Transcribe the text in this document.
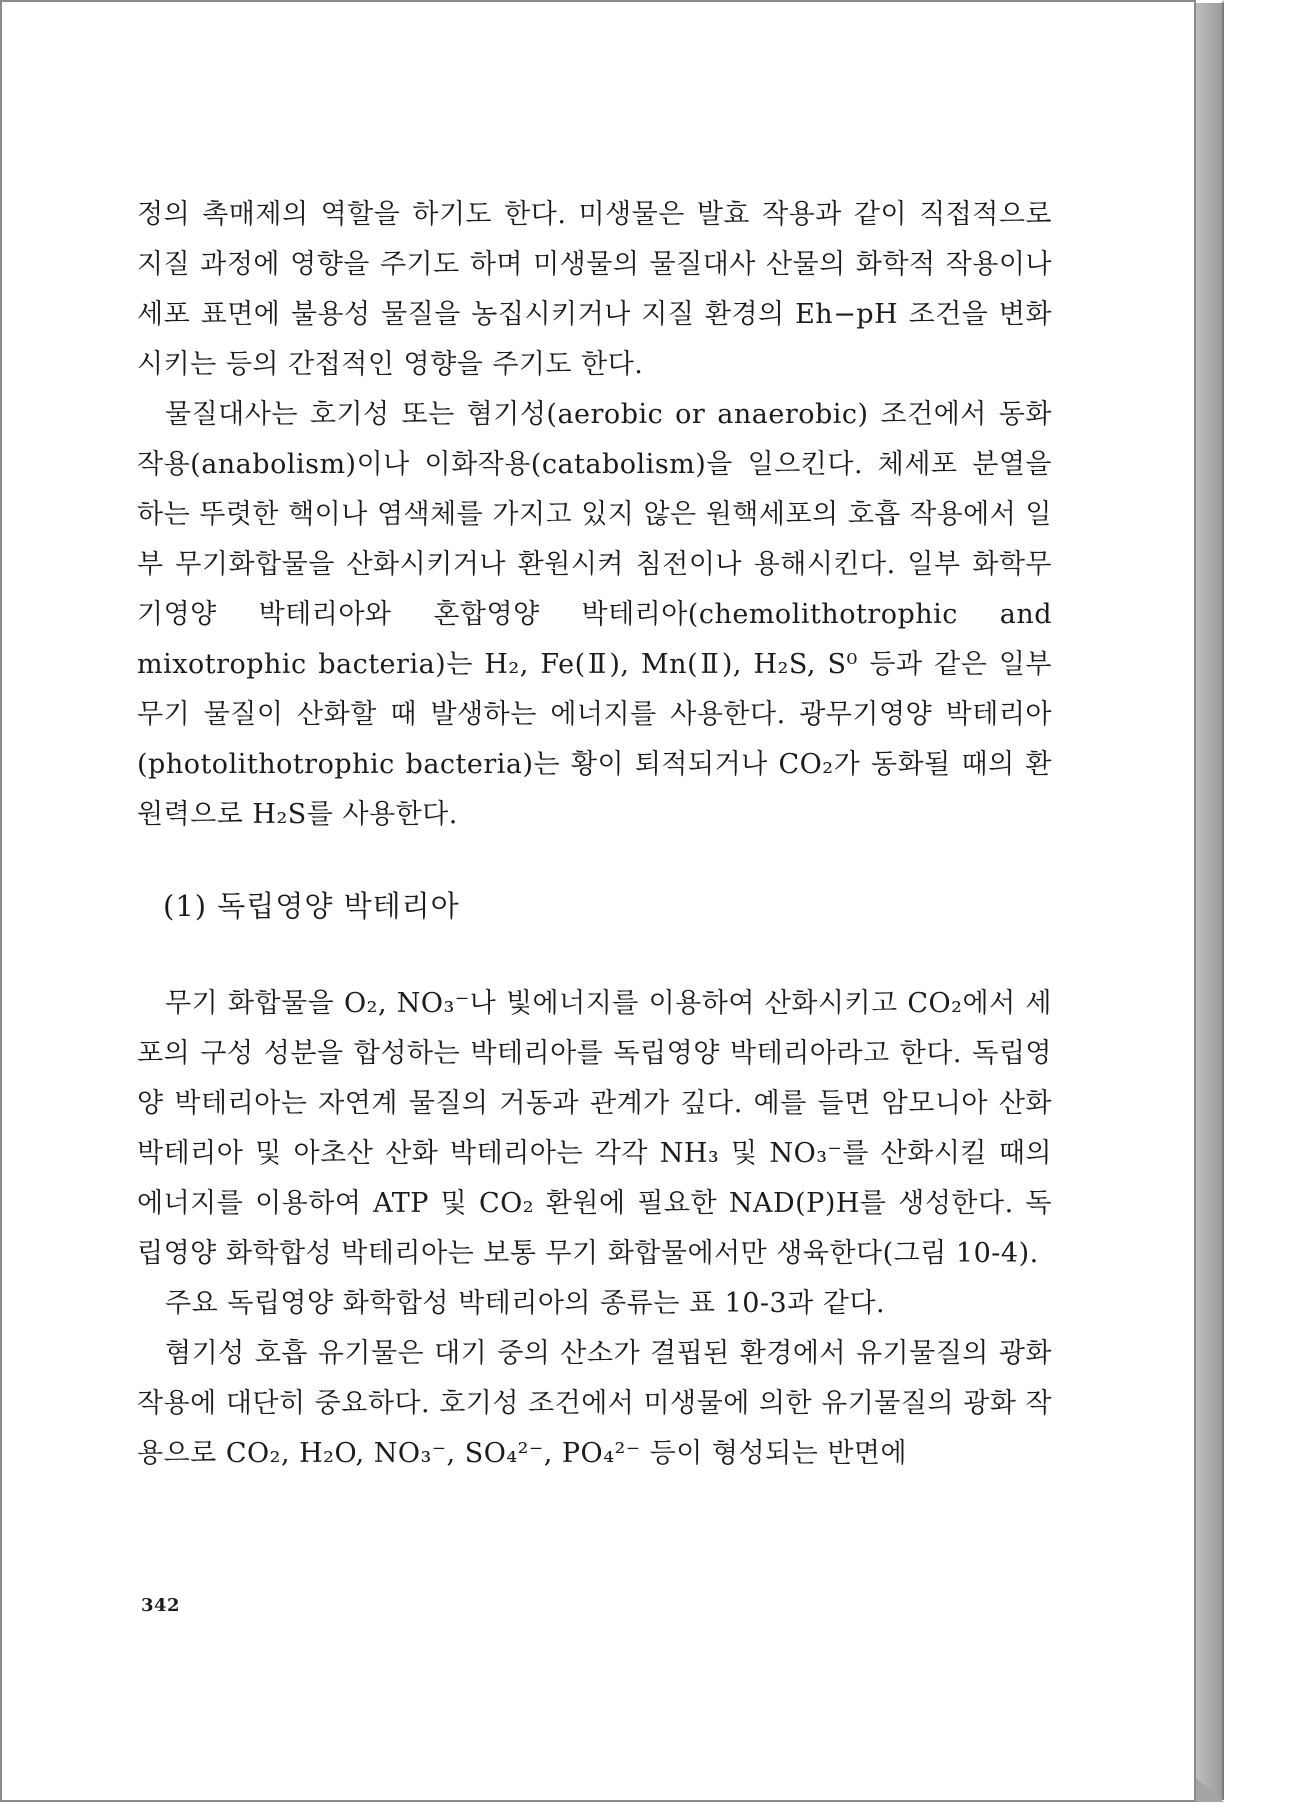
정의 촉매제의 역할을 하기도 한다. 미생물은 발효 작용과 같이 직접적으로 지질 과정에 영향을 주기도 하며 미생물의 물질대사 산물의 화학적 작용이나 세포 표면에 불용성 물질을 농집시키거나 지질 환경의 Eh−pH 조건을 변화시키는 등의 간접적인 영향을 주기도 한다.

물질대사는 호기성 또는 혐기성(aerobic or anaerobic) 조건에서 동화작용(anabolism)이나 이화작용(catabolism)을 일으킨다. 체세포 분열을 하는 뚜렷한 핵이나 염색체를 가지고 있지 않은 원핵세포의 호흡 작용에서 일부 무기화합물을 산화시키거나 환원시켜 침전이나 용해시킨다. 일부 화학무기영양 박테리아와 혼합영양 박테리아(chemolithotrophic and mixotrophic bacteria)는 H₂, Fe(Ⅱ), Mn(Ⅱ), H₂S, S⁰ 등과 같은 일부 무기 물질이 산화할 때 발생하는 에너지를 사용한다. 광무기영양 박테리아(photolithotrophic bacteria)는 황이 퇴적되거나 CO₂가 동화될 때의 환원력으로 H₂S를 사용한다.

(1) 독립영양 박테리아

무기 화합물을 O₂, NO₃⁻나 빛에너지를 이용하여 산화시키고 CO₂에서 세포의 구성 성분을 합성하는 박테리아를 독립영양 박테리아라고 한다. 독립영양 박테리아는 자연계 물질의 거동과 관계가 깊다. 예를 들면 암모니아 산화 박테리아 및 아초산 산화 박테리아는 각각 NH₃ 및 NO₃⁻를 산화시킬 때의 에너지를 이용하여 ATP 및 CO₂ 환원에 필요한 NAD(P)H를 생성한다. 독립영양 화학합성 박테리아는 보통 무기 화합물에서만 생육한다(그림 10-4).

주요 독립영양 화학합성 박테리아의 종류는 표 10-3과 같다.

혐기성 호흡 유기물은 대기 중의 산소가 결핍된 환경에서 유기물질의 광화 작용에 대단히 중요하다. 호기성 조건에서 미생물에 의한 유기물질의 광화 작용으로 CO₂, H₂O, NO₃⁻, SO₄²⁻, PO₄²⁻ 등이 형성되는 반면에

342
